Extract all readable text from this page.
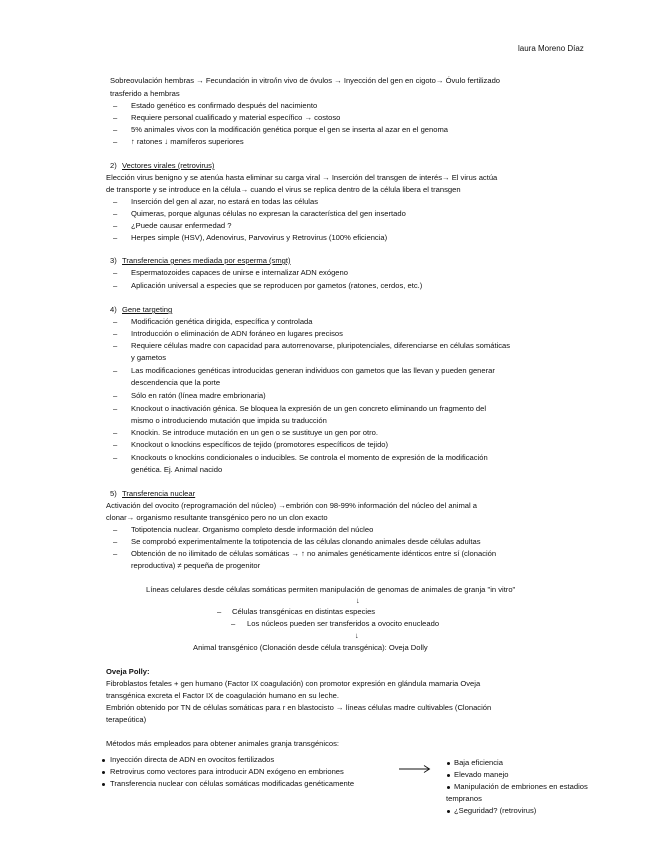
laura Moreno Díaz
Sobreovulación hembras → Fecundación in vitro/in vivo de óvulos → Inyección del gen en cigoto→ Óvulo fertilizado
trasferido a hembras
– Estado genético es confirmado después del nacimiento
– Requiere personal cualificado y material específico → costoso
– 5% animales vivos con la modificación genética porque el gen se inserta al azar en el genoma
– ↑ ratones ↓ mamíferos superiores
2) Vectores virales (retrovirus)
Elección virus benigno y se atenúa hasta eliminar su carga viral → Inserción del transgen de interés→ El virus actúa
de transporte y se introduce en la célula→ cuando el virus se replica dentro de la célula libera el transgen
– Inserción del gen al azar, no estará en todas las células
– Quimeras, porque algunas células no expresan la característica del gen insertado
– ¿Puede causar enfermedad ?
– Herpes simple (HSV), Adenovirus, Parvovirus y Retrovirus (100% eficiencia)
3) Transferencia genes mediada por esperma (smgt)
– Espermatozoides capaces de unirse e internalizar ADN exógeno
– Aplicación universal a especies que se reproducen por gametos (ratones, cerdos, etc.)
4) Gene targeting
– Modificación genética dirigida, específica y controlada
– Introducción o eliminación de ADN foráneo en lugares precisos
– Requiere células madre con capacidad para autorrenovarse, pluripotenciales, diferenciarse en células somáticas
y gametos
– Las modificaciones genéticas introducidas generan individuos con gametos que las llevan y pueden generar
descendencia que la porte
– Sólo en ratón (línea madre embrionaria)
– Knockout o inactivación génica. Se bloquea la expresión de un gen concreto eliminando un fragmento del
mismo o introduciendo mutación que impida su traducción
– Knockin. Se introduce mutación en un gen o se sustituye un gen por otro.
– Knockout o knockins específicos de tejido (promotores específicos de tejido)
– Knockouts o knockins condicionales o inducibles. Se controla el momento de expresión de la modificación
genética. Ej. Animal nacido
5) Transferencia nuclear
Activación del ovocito (reprogramación del núcleo) →embrión con 98-99% información del núcleo del animal a
clonar→ organismo resultante transgénico pero no un clon exacto
– Totipotencia nuclear. Organismo completo desde información del núcleo
– Se comprobó experimentalmente la totipotencia de las células clonando animales desde células adultas
– Obtención de no ilimitado de células somáticas → ↑ no animales genéticamente idénticos entre sí (clonación
reproductiva) ≠ pequeña de progenitor
Líneas celulares desde células somáticas permiten manipulación de genomas de animales de granja "in vitro"
↓
– Células transgénicas en distintas especies
– Los núcleos pueden ser transferidos a ovocito enucleado
↓
Animal transgénico (Clonación desde célula transgénica): Oveja Dolly
Oveja Polly:
Fibroblastos fetales + gen humano (Factor IX coagulación) con promotor expresión en glándula mamaria Oveja
transgénica excreta el Factor IX de coagulación humano en su leche.
Embrión obtenido por TN de células somáticas para r en blastocisto → líneas células madre cultivables (Clonación
terapeútica)
Métodos más empleados para obtener animales granja transgénicos:
Inyección directa de ADN en ovocitos fertilizados
Retrovirus como vectores para introducir ADN exógeno en embriones
Transferencia nuclear con células somáticas modificadas genéticamente
Baja eficiencia
Elevado manejo
Manipulación de embriones en estadios
tempranos
¿Seguridad? (retrovirus)
